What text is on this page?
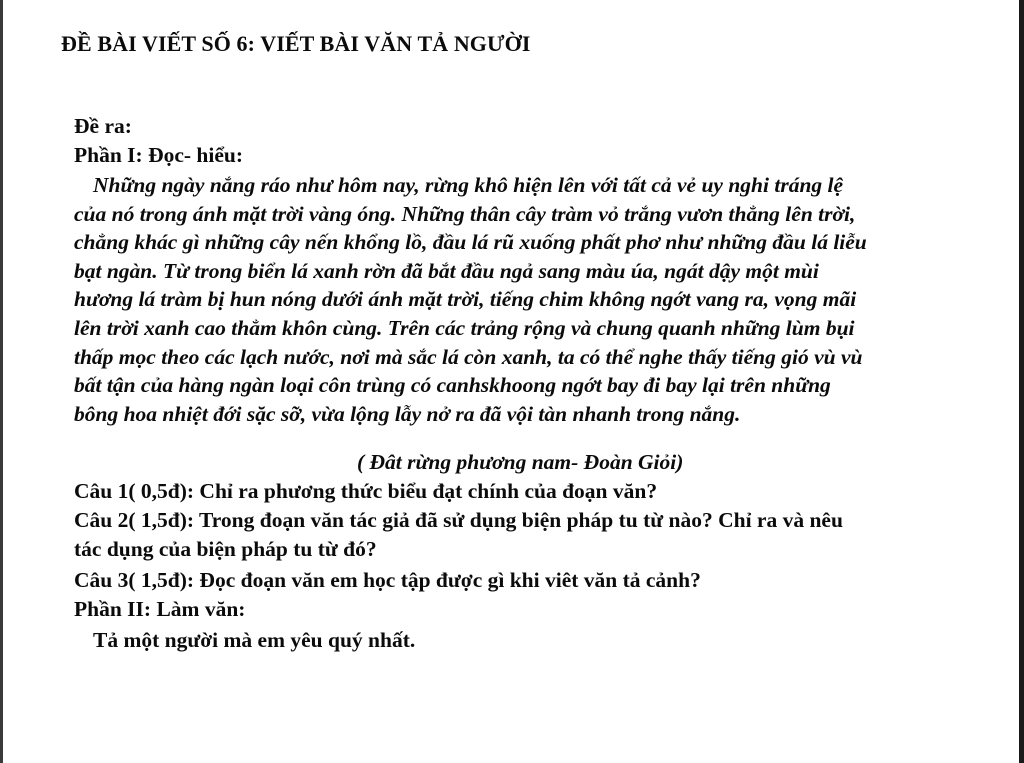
ĐỀ BÀI VIẾT SỐ 6: VIẾT BÀI VĂN TẢ NGƯỜI
Đề ra:
Phần I: Đọc- hiểu:
Những ngày nắng ráo như hôm nay, rừng khô hiện lên với tất cả vẻ uy nghi tráng lệ
của nó trong ánh mặt trời vàng óng. Những thân cây tràm vỏ trắng vươn thẳng lên trời,
chẳng khác gì những cây nến khổng lồ, đầu lá rũ xuống phất phơ như những đầu lá liễu
bạt ngàn. Từ trong biển lá xanh rờn đã bắt đầu ngả sang màu úa, ngát dậy một mùi
hương lá tràm bị hun nóng dưới ánh mặt trời, tiếng chim không ngớt vang ra, vọng mãi
lên trời xanh cao thẳm khôn cùng. Trên các trảng rộng và chung quanh những lùm bụi
thấp mọc theo các lạch nước, nơi mà sắc lá còn xanh, ta có thể nghe thấy tiếng gió vù vù
bất tận của hàng ngàn loại côn trùng có canhskhoong ngớt bay đi bay lại trên những
bông hoa nhiệt đới sặc sỡ, vừa lộng lẫy nở ra đã vội tàn nhanh trong nắng.
( Đât rừng phương nam- Đoàn Giỏi)
Câu 1( 0,5đ): Chỉ ra phương thức biểu đạt chính của đoạn văn?
Câu 2( 1,5đ): Trong đoạn văn tác giả đã sử dụng biện pháp tu từ nào? Chỉ ra và nêu
tác dụng của biện pháp tu từ đó?
Câu 3( 1,5đ): Đọc đoạn văn em học tập được gì khi viêt văn tả cảnh?
Phần II: Làm văn:
Tả một người mà em yêu quý nhất.
